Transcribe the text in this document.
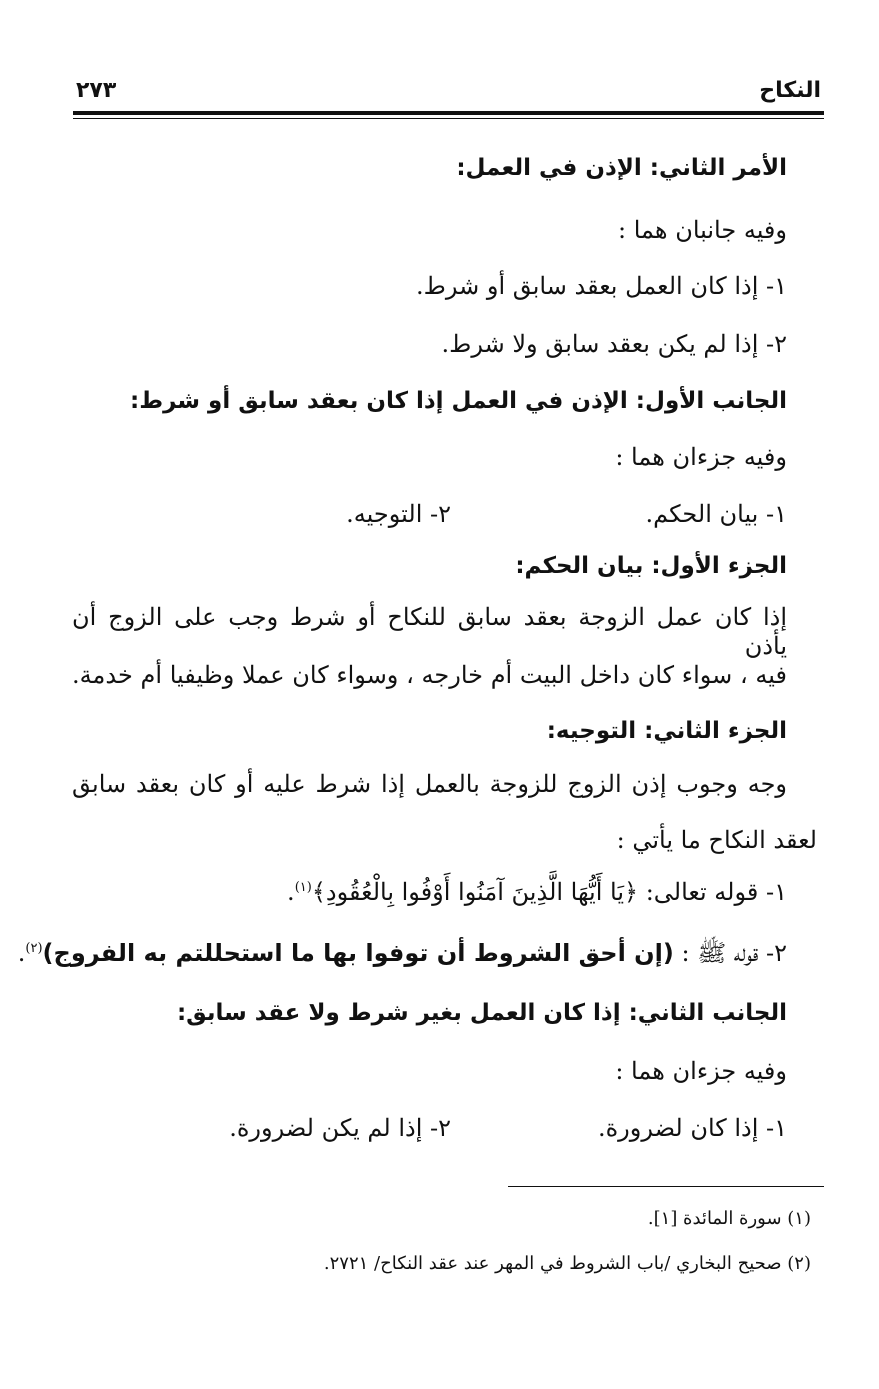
النكاح
٢٧٣
الأمر الثاني: الإذن في العمل:
وفيه جانبان هما :
١- إذا كان العمل بعقد سابق أو شرط.
٢- إذا لم يكن بعقد سابق ولا شرط.
الجانب الأول: الإذن في العمل إذا كان بعقد سابق أو شرط:
وفيه جزءان هما :
١- بيان الحكم.
٢- التوجيه.
الجزء الأول: بيان الحكم:
إذا كان عمل الزوجة بعقد سابق للنكاح أو شرط وجب على الزوج أن يأذن
فيه ، سواء كان داخل البيت أم خارجه ، وسواء كان عملا وظيفيا أم خدمة.
الجزء الثاني: التوجيه:
وجه وجوب إذن الزوج للزوجة بالعمل إذا شرط عليه أو كان بعقد سابق
لعقد النكاح ما يأتي :
١- قوله تعالى: ﴿يَا أَيُّهَا الَّذِينَ آمَنُوا أَوْفُوا بِالْعُقُودِ﴾$^{(١)}$.
٢- قوله ﷺ : (إن أحق الشروط أن توفوا بها ما استحللتم به الفروج)$^{(٢)}$.
الجانب الثاني: إذا كان العمل بغير شرط ولا عقد سابق:
وفيه جزءان هما :
١- إذا كان لضرورة.
٢- إذا لم يكن لضرورة.
(١) سورة المائدة [١].
(٢) صحيح البخاري /باب الشروط في المهر عند عقد النكاح/ ٢٧٢١.
